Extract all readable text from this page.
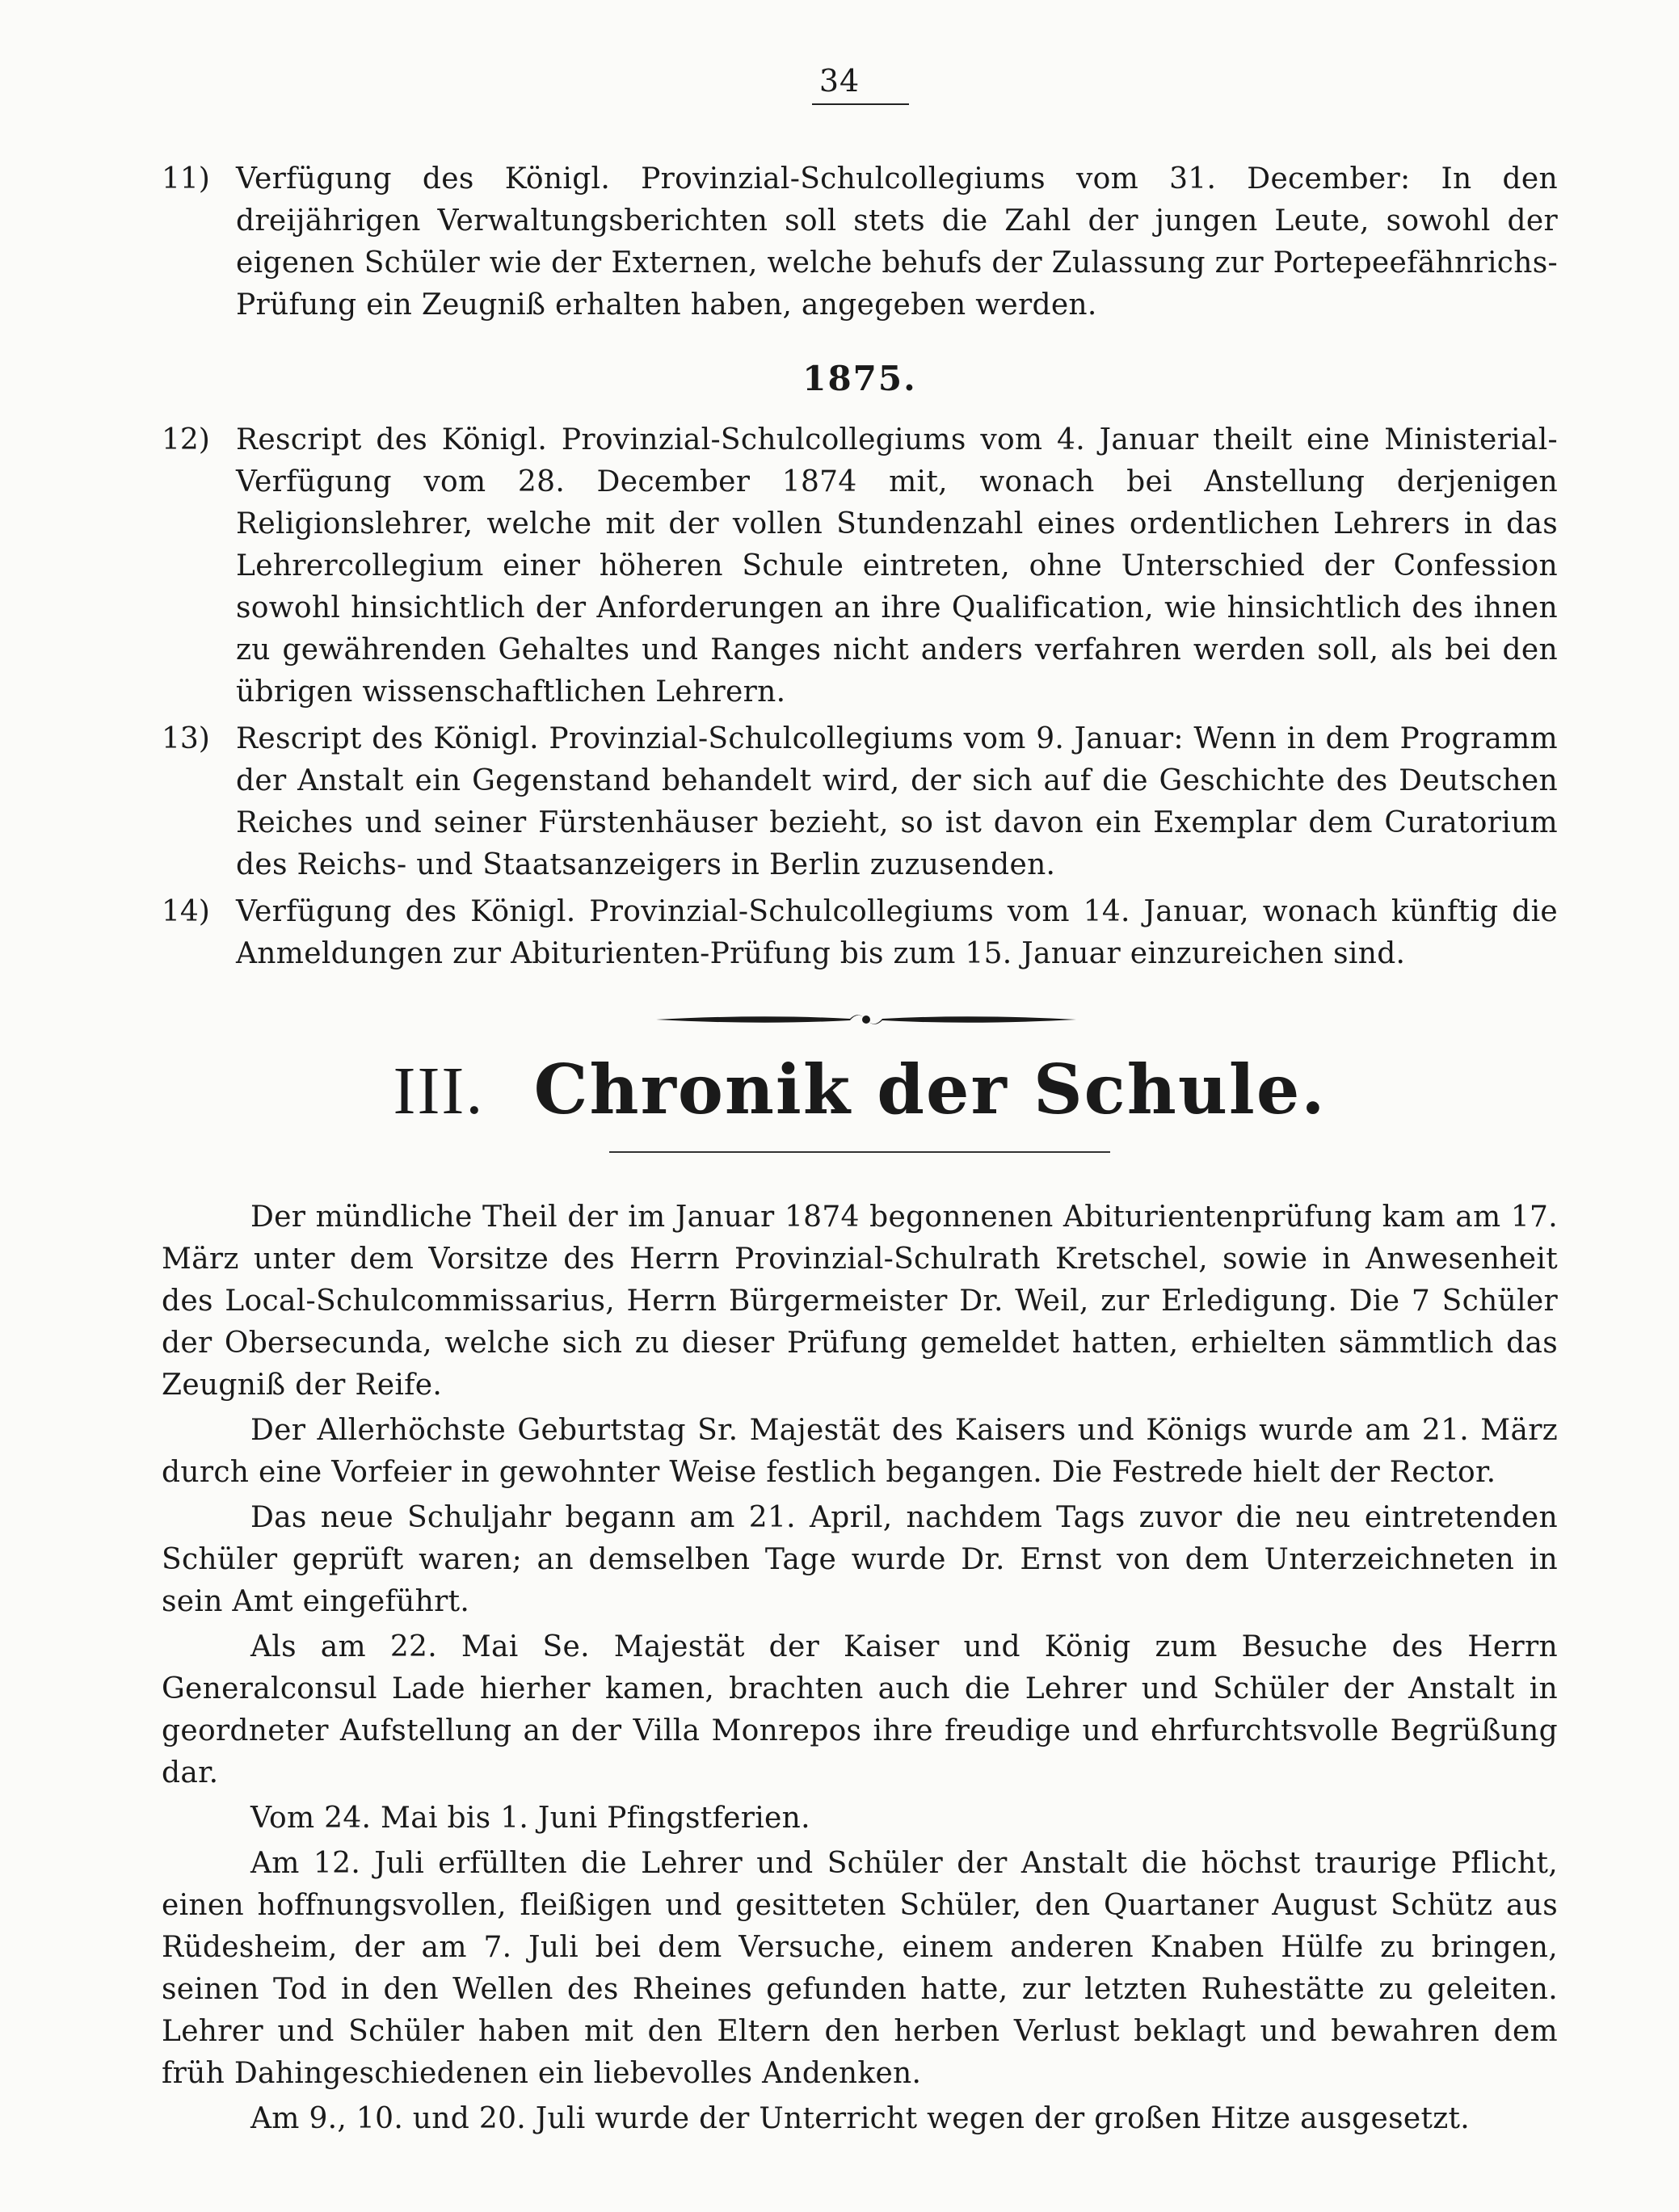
34
11) Verfügung des Königl. Provinzial-Schulcollegiums vom 31. December: In den dreijährigen Verwaltungsberichten soll stets die Zahl der jungen Leute, sowohl der eigenen Schüler wie der Externen, welche behufs der Zulassung zur Portepeefähnrichs-Prüfung ein Zeugniß erhalten haben, angegeben werden.
1875.
12) Rescript des Königl. Provinzial-Schulcollegiums vom 4. Januar theilt eine Ministerial-Verfügung vom 28. December 1874 mit, wonach bei Anstellung derjenigen Religionslehrer, welche mit der vollen Stundenzahl eines ordentlichen Lehrers in das Lehrercollegium einer höheren Schule eintreten, ohne Unterschied der Confession sowohl hinsichtlich der Anforderungen an ihre Qualification, wie hinsichtlich des ihnen zu gewährenden Gehaltes und Ranges nicht anders verfahren werden soll, als bei den übrigen wissenschaftlichen Lehrern.
13) Rescript des Königl. Provinzial-Schulcollegiums vom 9. Januar: Wenn in dem Programm der Anstalt ein Gegenstand behandelt wird, der sich auf die Geschichte des Deutschen Reiches und seiner Fürstenhäuser bezieht, so ist davon ein Exemplar dem Curatorium des Reichs- und Staatsanzeigers in Berlin zuzusenden.
14) Verfügung des Königl. Provinzial-Schulcollegiums vom 14. Januar, wonach künftig die Anmeldungen zur Abiturienten-Prüfung bis zum 15. Januar einzureichen sind.
III. Chronik der Schule.

Der mündliche Theil der im Januar 1874 begonnenen Abiturientenprüfung kam am 17. März unter dem Vorsitze des Herrn Provinzial-Schulrath Kretschel, sowie in Anwesenheit des Local-Schulcommissarius, Herrn Bürgermeister Dr. Weil, zur Erledigung. Die 7 Schüler der Obersecunda, welche sich zu dieser Prüfung gemeldet hatten, erhielten sämmtlich das Zeugniß der Reife.

Der Allerhöchste Geburtstag Sr. Majestät des Kaisers und Königs wurde am 21. März durch eine Vorfeier in gewohnter Weise festlich begangen. Die Festrede hielt der Rector.

Das neue Schuljahr begann am 21. April, nachdem Tags zuvor die neu eintretenden Schüler geprüft waren; an demselben Tage wurde Dr. Ernst von dem Unterzeichneten in sein Amt eingeführt.

Als am 22. Mai Se. Majestät der Kaiser und König zum Besuche des Herrn Generalconsul Lade hierher kamen, brachten auch die Lehrer und Schüler der Anstalt in geordneter Aufstellung an der Villa Monrepos ihre freudige und ehrfurchtsvolle Begrüßung dar.

Vom 24. Mai bis 1. Juni Pfingstferien.

Am 12. Juli erfüllten die Lehrer und Schüler der Anstalt die höchst traurige Pflicht, einen hoffnungsvollen, fleißigen und gesitteten Schüler, den Quartaner August Schütz aus Rüdesheim, der am 7. Juli bei dem Versuche, einem anderen Knaben Hülfe zu bringen, seinen Tod in den Wellen des Rheines gefunden hatte, zur letzten Ruhestätte zu geleiten. Lehrer und Schüler haben mit den Eltern den herben Verlust beklagt und bewahren dem früh Dahingeschiedenen ein liebevolles Andenken.

Am 9., 10. und 20. Juli wurde der Unterricht wegen der großen Hitze ausgesetzt.
